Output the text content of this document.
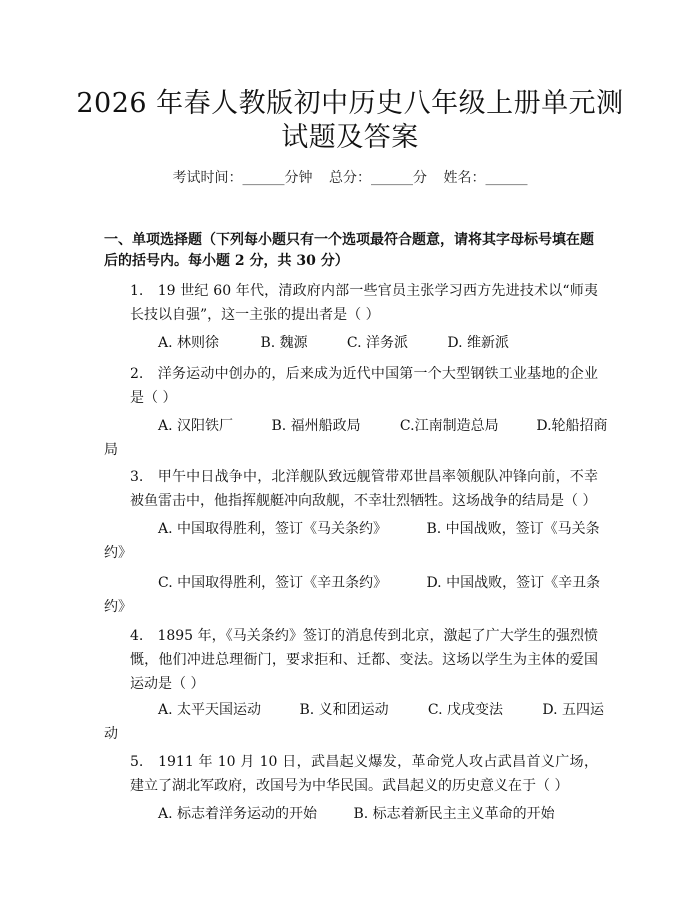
2026 年春人教版初中历史八年级上册单元测
试题及答案
考试时间：______分钟 总分：______分 姓名：______
一、单项选择题（下列每小题只有一个选项最符合题意，请将其字母标号填在题后的括号内。每小题 2 分，共 30 分）
1.　19 世纪 60 年代，清政府内部一些官员主张学习西方先进技术以“师夷长技以自强”，这一主张的提出者是（ ）
A. 林则徐	B. 魏源	C. 洋务派	D. 维新派
2.　洋务运动中创办的，后来成为近代中国第一个大型钢铁工业基地的企业是（ ）
A. 汉阳铁厂	B. 福州船政局	C.江南制造总局	D.轮船招商
局
3.　甲午中日战争中，北洋舰队致远舰管带邓世昌率领舰队冲锋向前，不幸被鱼雷击中，他指挥舰艇冲向敌舰，不幸壮烈牺牲。这场战争的结局是（ ）
A. 中国取得胜利，签订《马关条约》	B. 中国战败，签订《马关条
约》
C. 中国取得胜利，签订《辛丑条约》	D. 中国战败，签订《辛丑条
约》
4.　1895 年，《马关条约》签订的消息传到北京，激起了广大学生的强烈愤慨，他们冲进总理衙门，要求拒和、迁都、变法。这场以学生为主体的爱国运动是（ ）
A. 太平天国运动	B. 义和团运动	C. 戊戌变法	D. 五四运
动
5.　1911 年 10 月 10 日，武昌起义爆发，革命党人攻占武昌首义广场，建立了湖北军政府，改国号为中华民国。武昌起义的历史意义在于（ ）
A. 标志着洋务运动的开始	B. 标志着新民主主义革命的开始
